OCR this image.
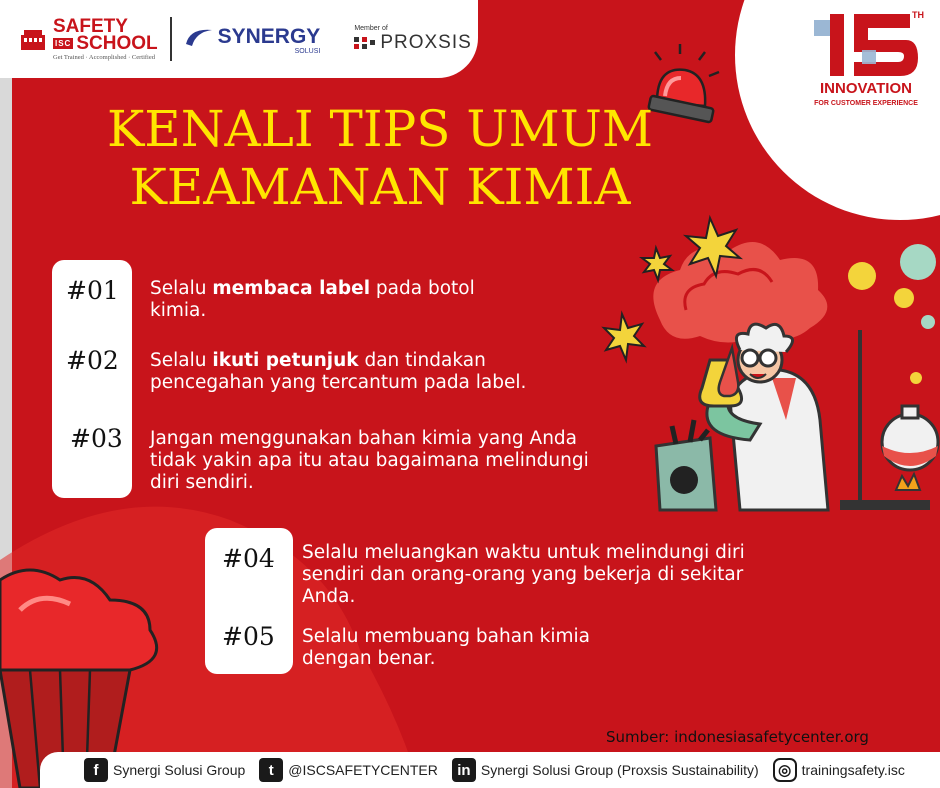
SAFETY
ISC SCHOOL
Get Trained · Accomplished · Certified
SYNERGY
SOLUSI
Member of
PROXSIS
TH
INNOVATION
FOR CUSTOMER EXPERIENCE
KENALI TIPS UMUM
KEAMANAN KIMIA
#01 Selalu membaca label pada botol kimia.

#02 Selalu ikuti petunjuk dan tindakan pencegahan yang tercantum pada label.

#03 Jangan menggunakan bahan kimia yang Anda tidak yakin apa itu atau bagaimana melindungi diri sendiri.

#04 Selalu meluangkan waktu untuk melindungi diri sendiri dan orang-orang yang bekerja di sekitar Anda.

#05 Selalu membuang bahan kimia dengan benar.

Sumber: indonesiasafetycenter.org
f	Synergi Solusi Group	t	@ISCSAFETYCENTER	in Synergi Solusi Group (Proxsis Sustainability)	◎ trainingsafety.isc
